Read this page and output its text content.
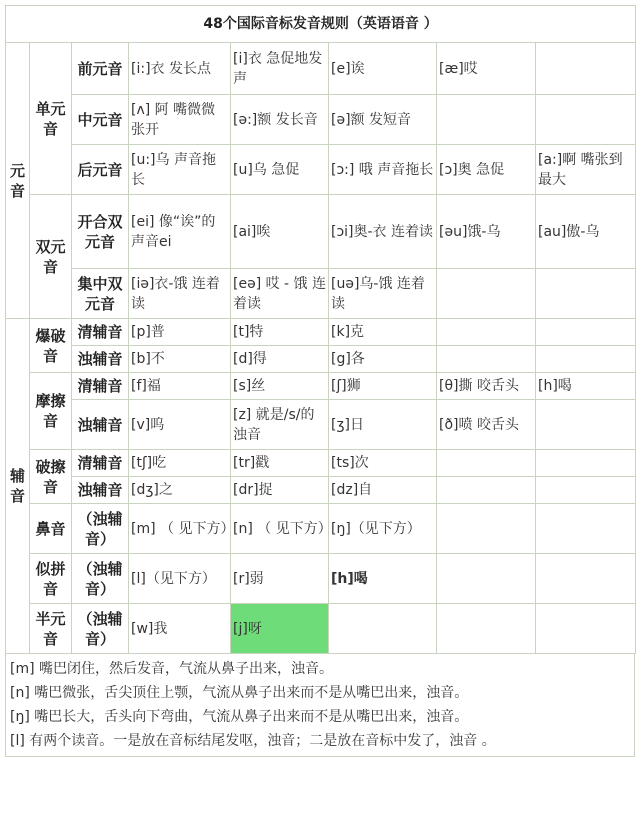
48个国际音标发音规则（英语语音 ）							
元音	单元音	前元音	[i:]衣 发长点	[i]衣 急促地发声	[e]诶	[æ]哎	
		中元音	[ʌ] 阿 嘴微微张开	[ə:]额 发长音	[ə]额 发短音		
		后元音	[u:]乌 声音拖长	[u]乌 急促	[ɔ:] 哦 声音拖长	[ɔ]奥 急促	[a:]啊 嘴张到最大
	双元音	开合双元音	[ei] 像“诶”的声音ei	[ai]唉	[ɔi]奥-衣 连着读	[əu]饿-乌	[au]傲-乌
		集中双元音	[iə]衣-饿 连着读	[eə] 哎 - 饿 连着读	[uə]乌-饿 连着读		
辅音	爆破音	清辅音	[p]普	[t]特	[k]克		
		浊辅音	[b]不	[d]得	[g]各		
	摩擦音	清辅音	[f]福	[s]丝	[ʃ]狮	[θ]撕 咬舌头	[h]喝
		浊辅音	[v]呜	[z] 就是/s/的浊音	[ʒ]日	[ð]喷 咬舌头	
	破擦音	清辅音	[tʃ]吃	[tr]戳	[ts]次		
		浊辅音	[dʒ]之	[dr]捉	[dz]自		
	鼻音	（浊辅音）	[m] （ 见下方）	[n] （ 见下方）	[ŋ]（见下方）		
	似拼音	（浊辅音）	[l]（见下方）	[r]弱	[h]喝		
	半元音	（浊辅音）	[w]我	[j]呀			
[m] 嘴巴闭住，然后发音，气流从鼻子出来，浊音。
[n] 嘴巴微张，舌尖顶住上颚，气流从鼻子出来而不是从嘴巴出来，浊音。
[ŋ] 嘴巴长大，舌头向下弯曲，气流从鼻子出来而不是从嘴巴出来，浊音。
[l] 有两个读音。一是放在音标结尾发呕，浊音；二是放在音标中发了，浊音 。
